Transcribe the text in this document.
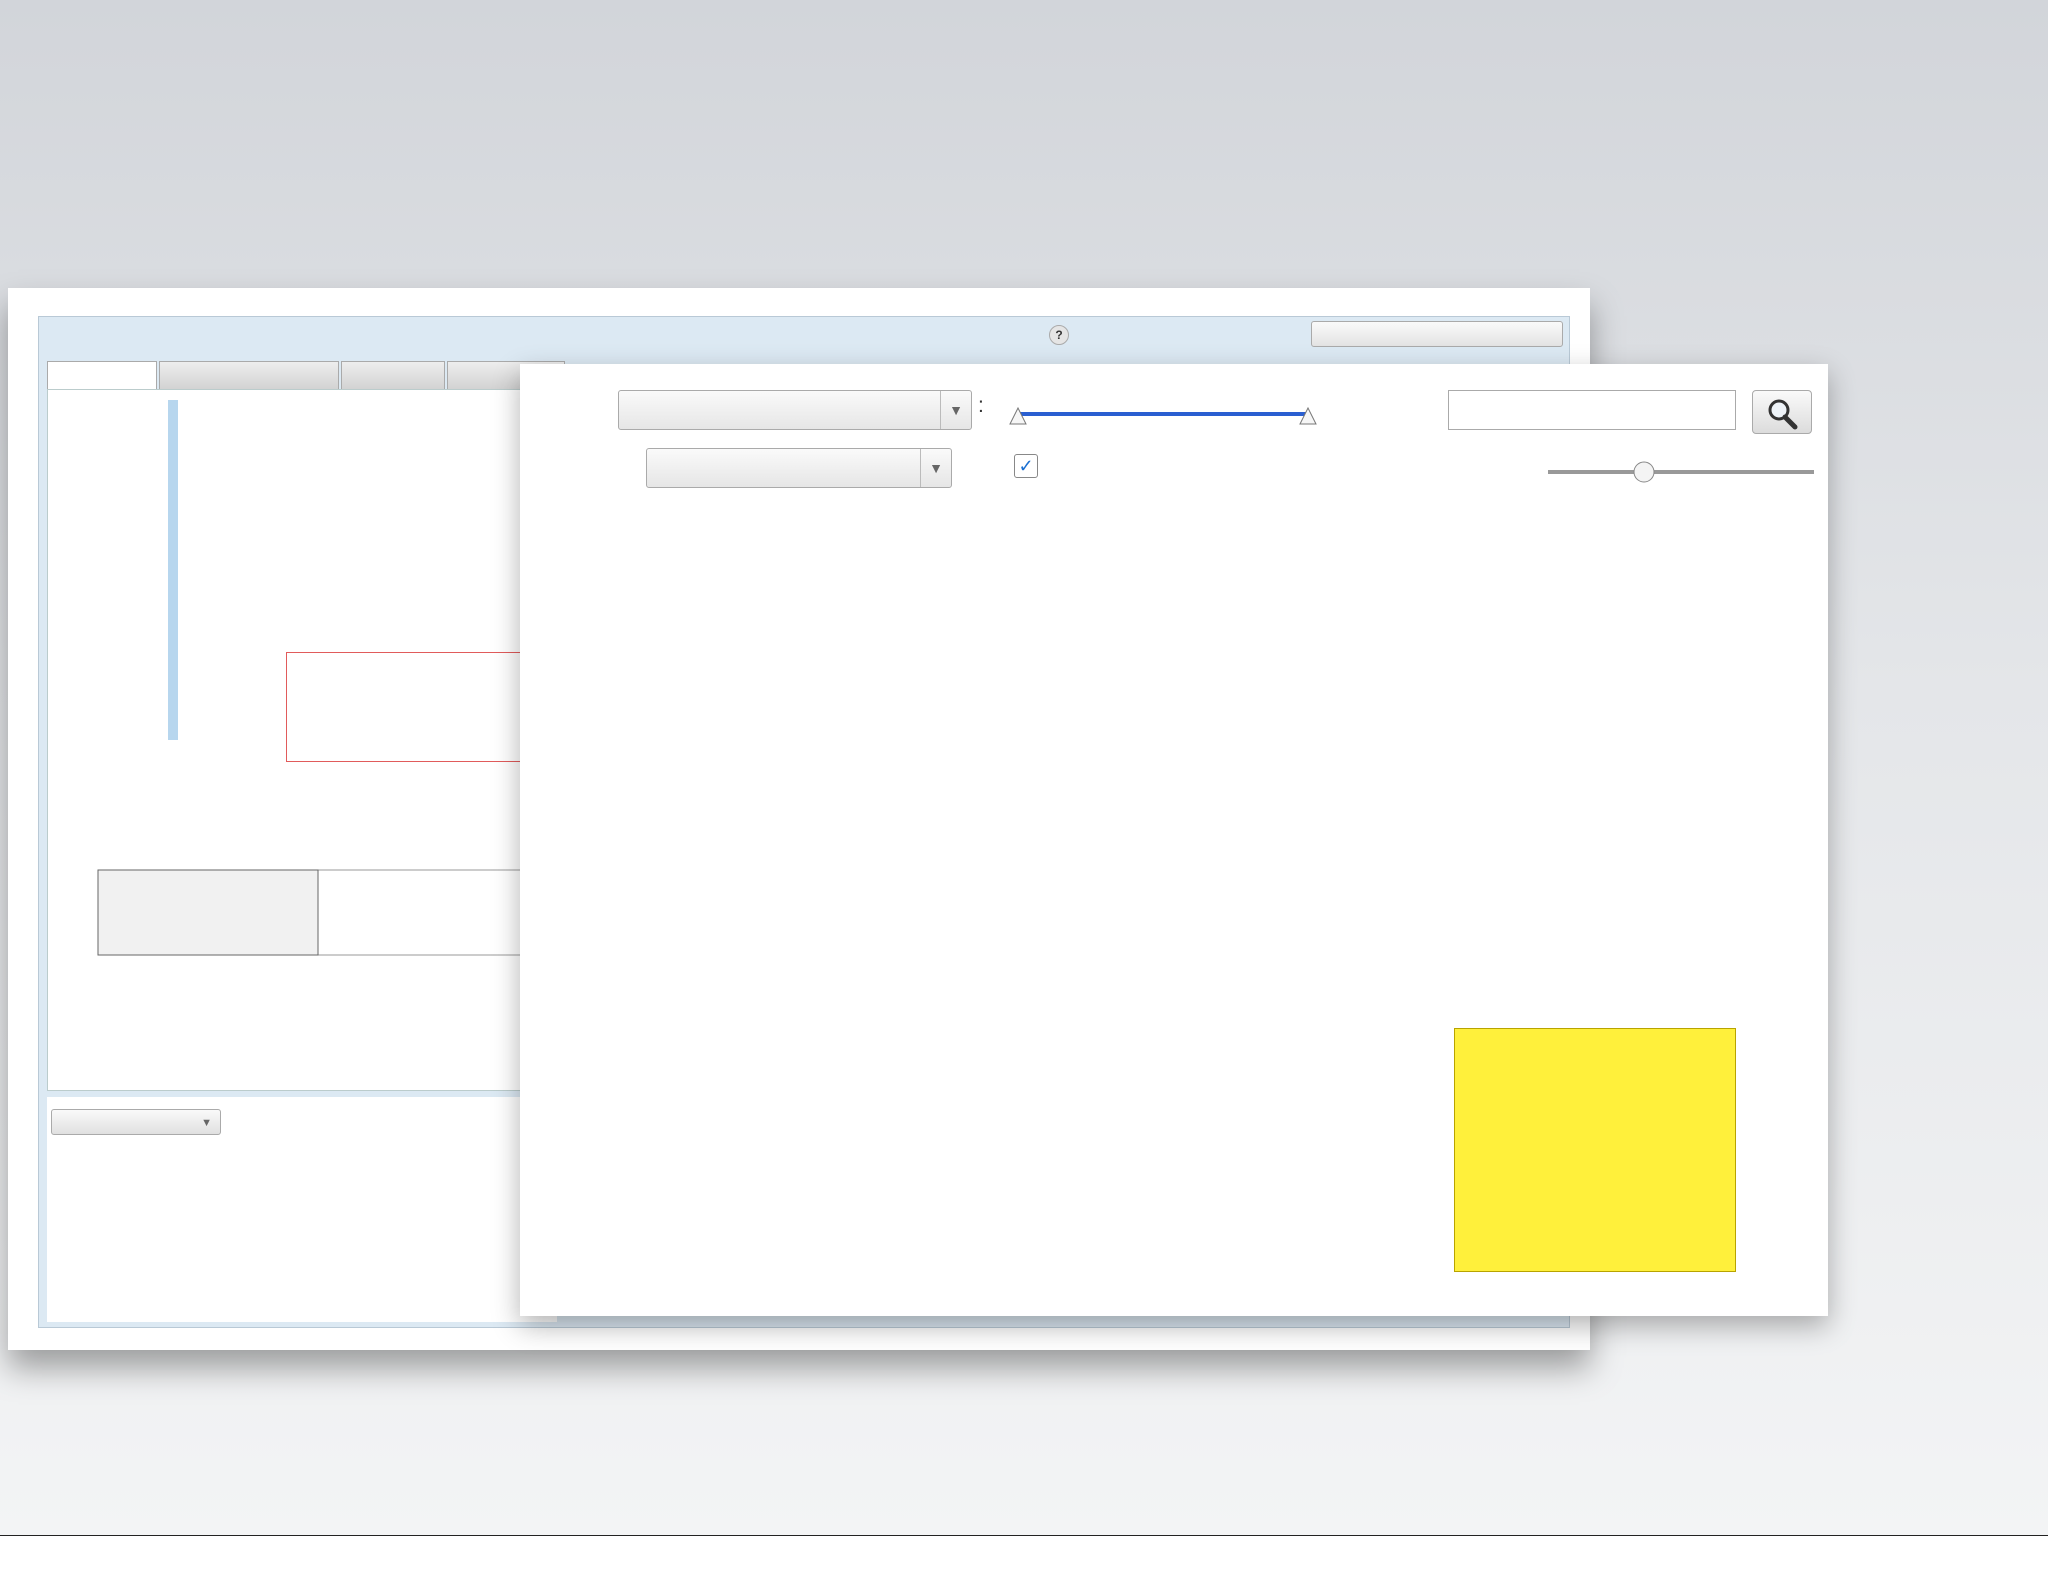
?
▼
▼ :
▼	✓
